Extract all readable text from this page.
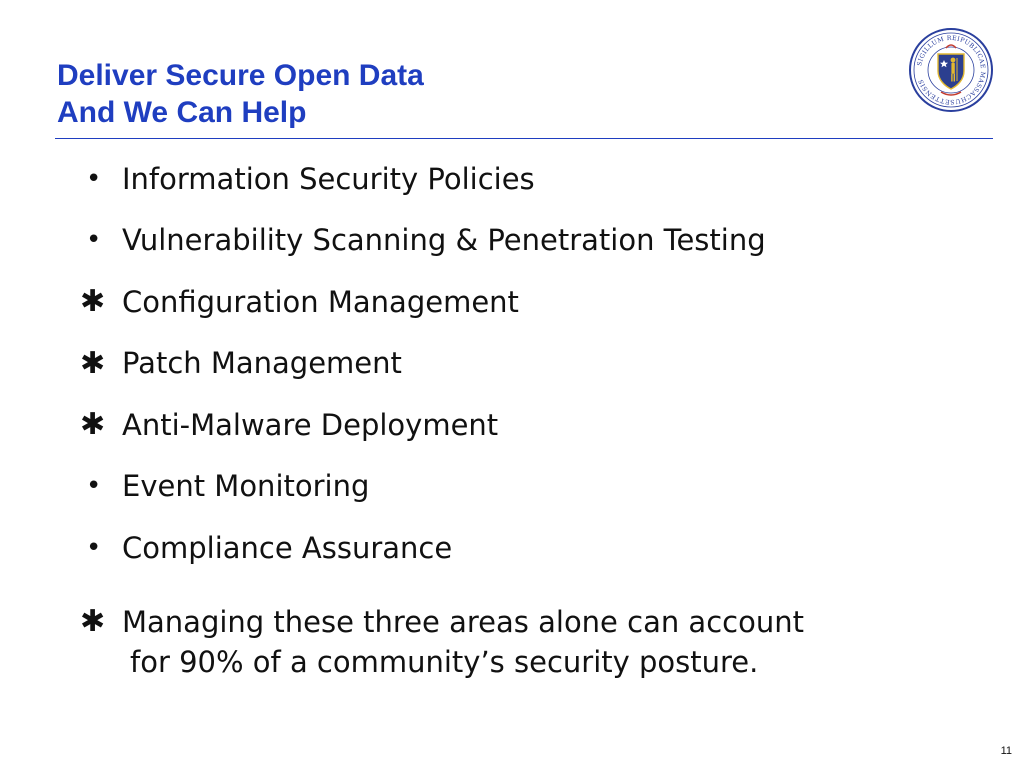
Deliver Secure Open Data
And We Can Help
SIGILLUM REIPUBLICAE MASSACHUSETTENSIS
• Information Security Policies
• Vulnerability Scanning & Penetration Testing
✱ Configuration Management
✱ Patch Management
✱ Anti-Malware Deployment
• Event Monitoring
• Compliance Assurance
✱ Managing these three areas alone can account
for 90% of a community’s security posture.
11
